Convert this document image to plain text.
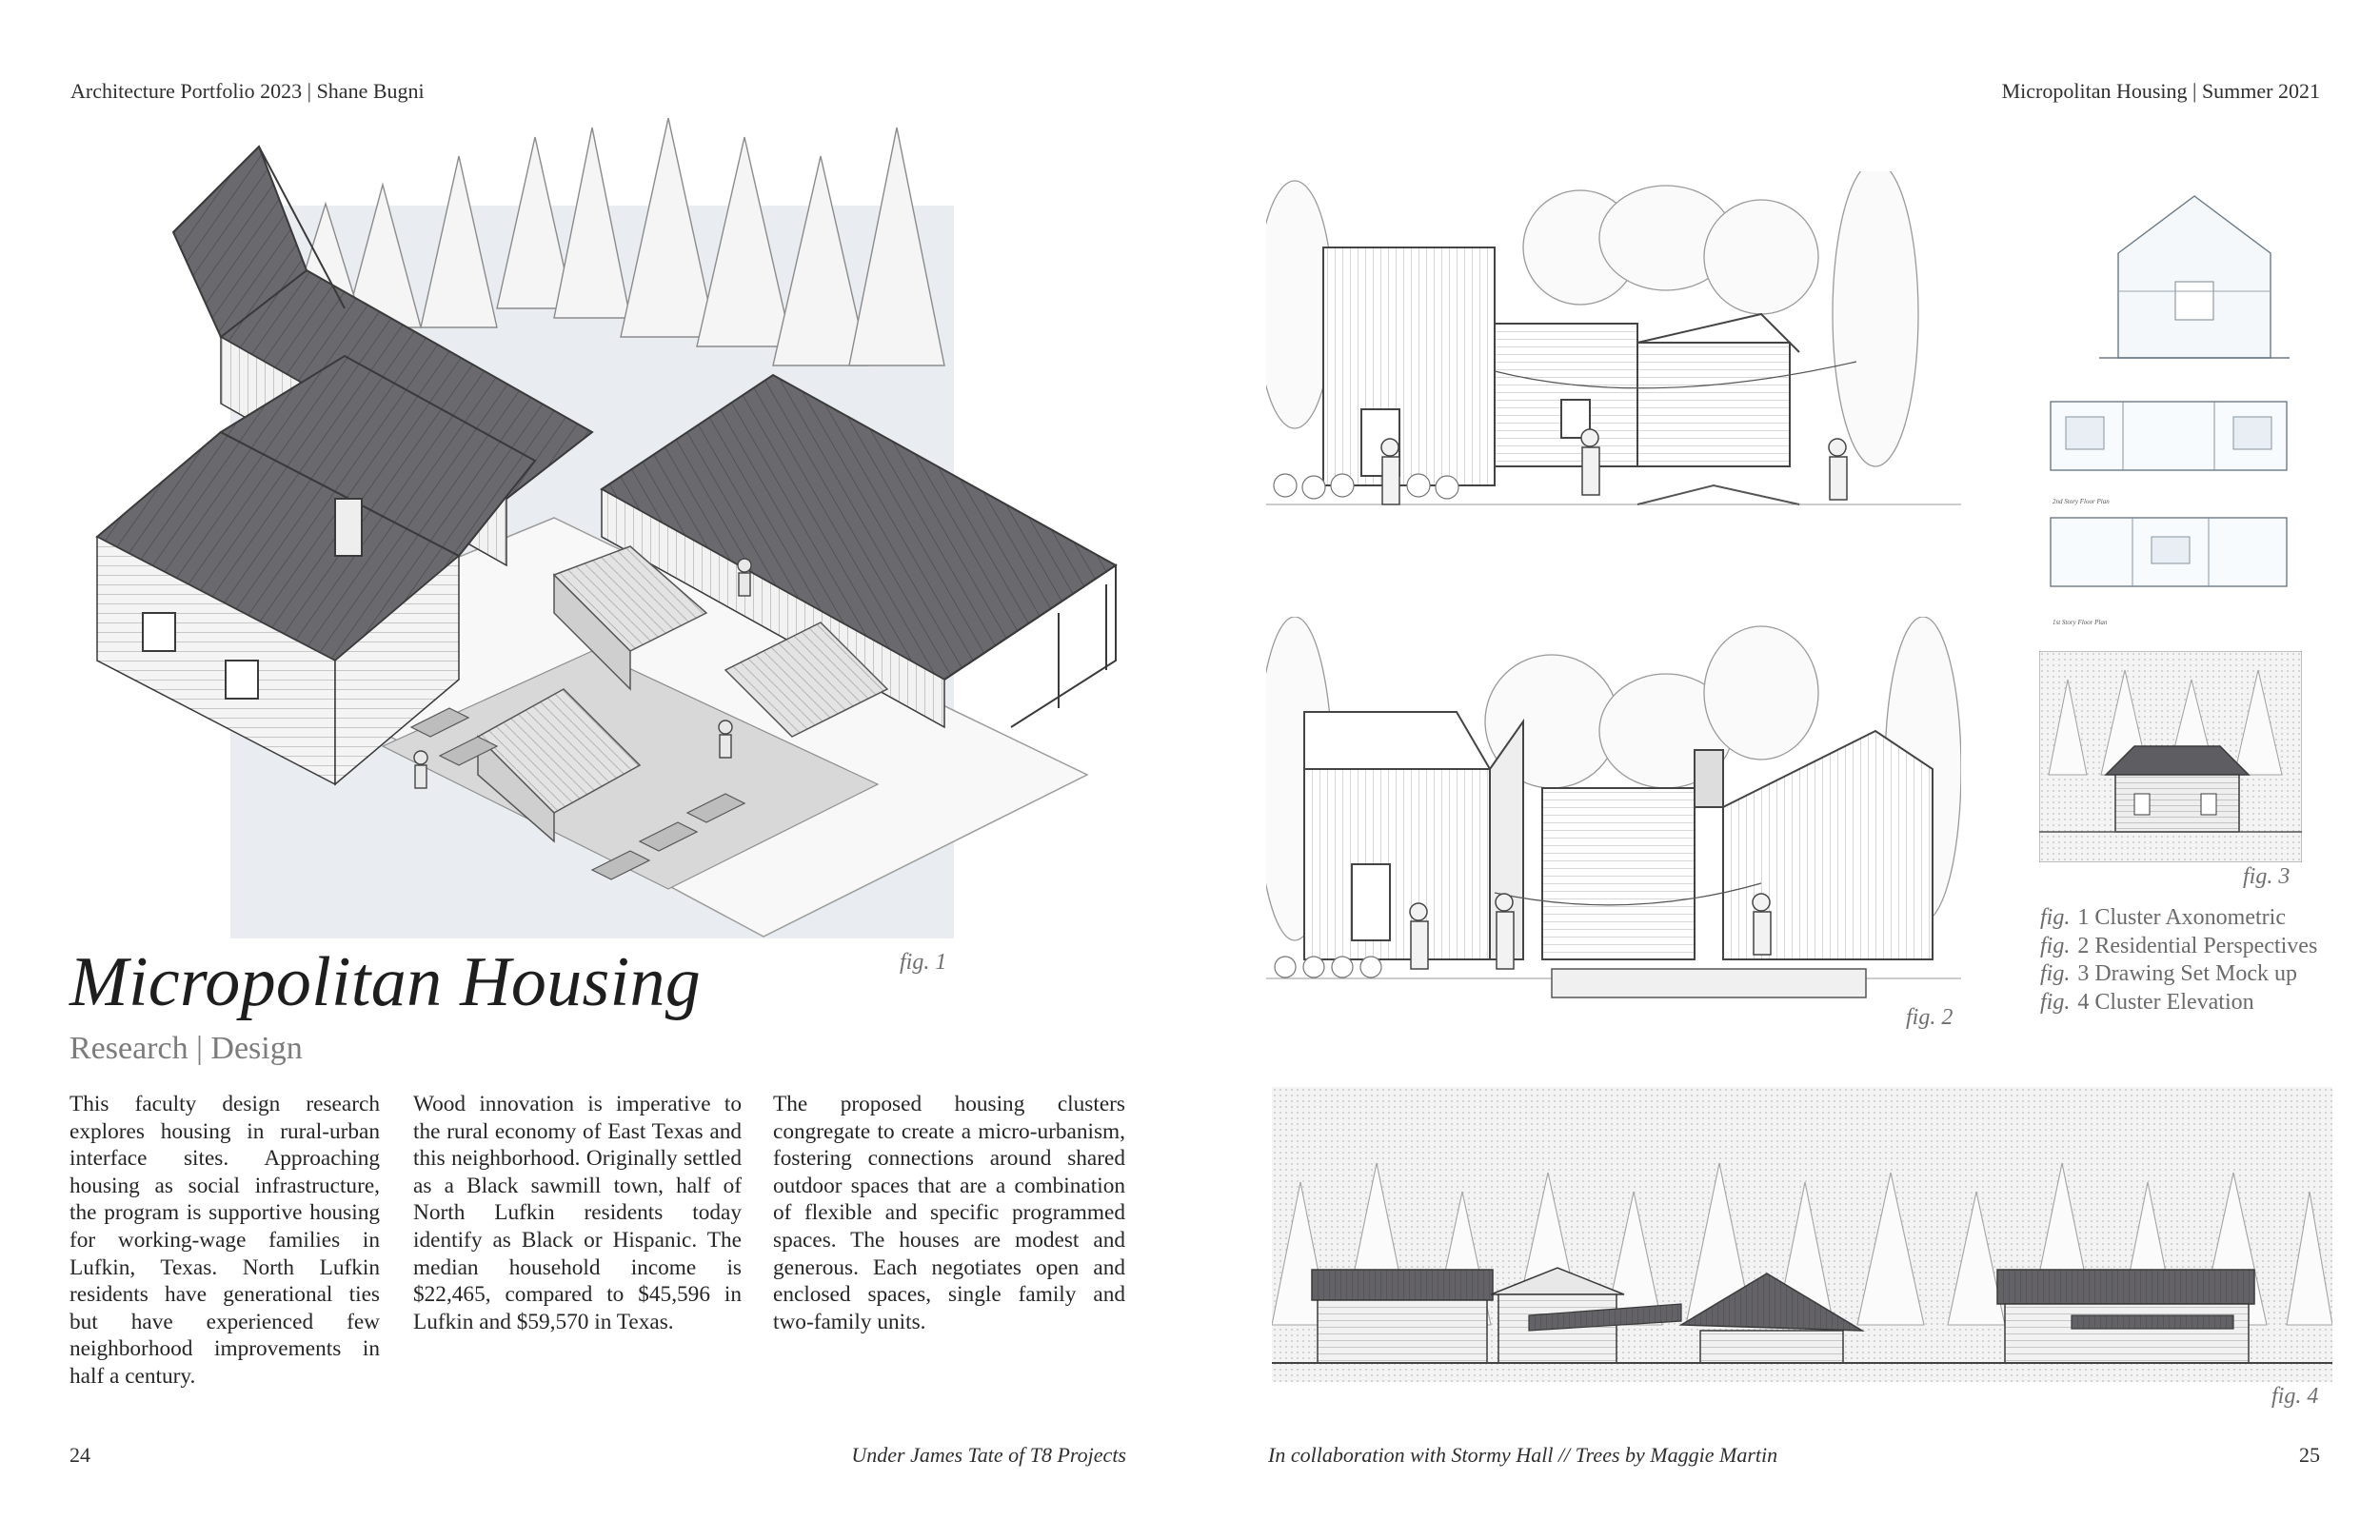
Architecture Portfolio 2023 | Shane Bugni	Micropolitan Housing | Summer 2021
fig. 1
Micropolitan Housing
Research | Design
This faculty design research explores housing in rural-urban interface sites. Approaching housing as social infrastructure, the program is supportive housing for working-wage families in Lufkin, Texas. North Lufkin residents have generational ties but have experienced few neighborhood improvements in half a century.
Wood innovation is imperative to the rural economy of East Texas and this neighborhood. Originally settled as a Black sawmill town, half of North Lufkin residents today identify as Black or Hispanic. The median household income is $22,465, compared to $45,596 in Lufkin and $59,570 in Texas.
The proposed housing clusters congregate to create a micro-urbanism, fostering connections around shared outdoor spaces that are a combination of flexible and specific programmed spaces. The houses are modest and generous. Each negotiates open and enclosed spaces, single family and two-family units.
fig. 2
2nd Story Floor Plan
1st Story Floor Plan
fig. 3
fig. 1 Cluster Axonometric
fig. 2 Residential Perspectives
fig. 3 Drawing Set Mock up
fig. 4 Cluster Elevation
fig. 4
24	Under James Tate of T8 Projects	In collaboration with Stormy Hall // Trees by Maggie Martin	25
